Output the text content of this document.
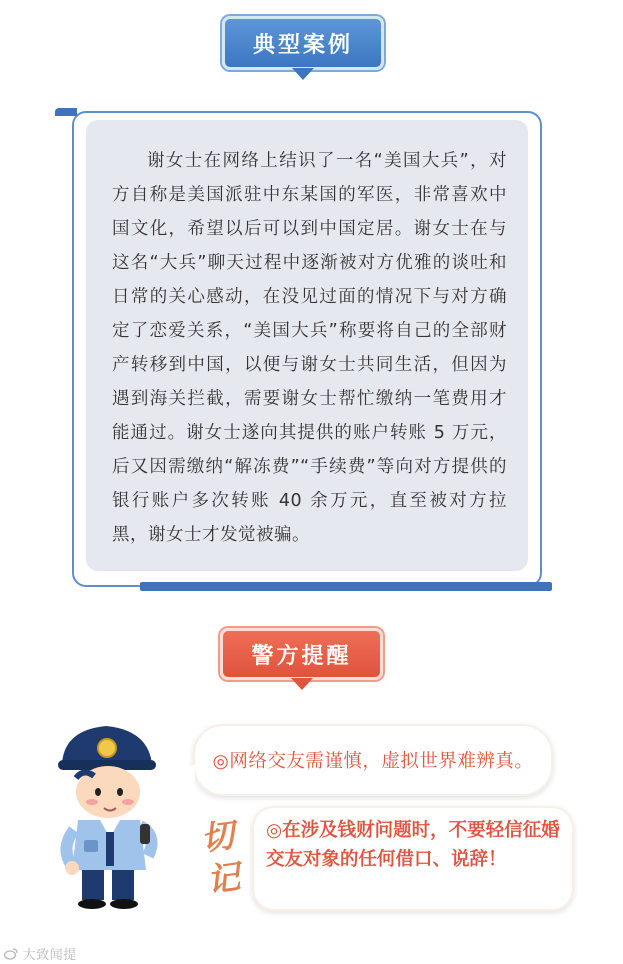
典型案例

谢女士在网络上结识了一名“美国大兵”，对方自称是美国派驻中东某国的军医，非常喜欢中国文化，希望以后可以到中国定居。谢女士在与这名“大兵”聊天过程中逐渐被对方优雅的谈吐和日常的关心感动，在没见过面的情况下与对方确定了恋爱关系，“美国大兵”称要将自己的全部财产转移到中国，以便与谢女士共同生活，但因为遇到海关拦截，需要谢女士帮忙缴纳一笔费用才能通过。谢女士遂向其提供的账户转账 5 万元，后又因需缴纳“解冻费”“手续费”等向对方提供的银行账户多次转账 40 余万元，直至被对方拉黑，谢女士才发觉被骗。

警方提醒
◎网络交友需谨慎，虚拟世界难辨真。
切
记

◎在涉及钱财问题时，不要轻信征婚交友对象的任何借口、说辞！

大致闻提
